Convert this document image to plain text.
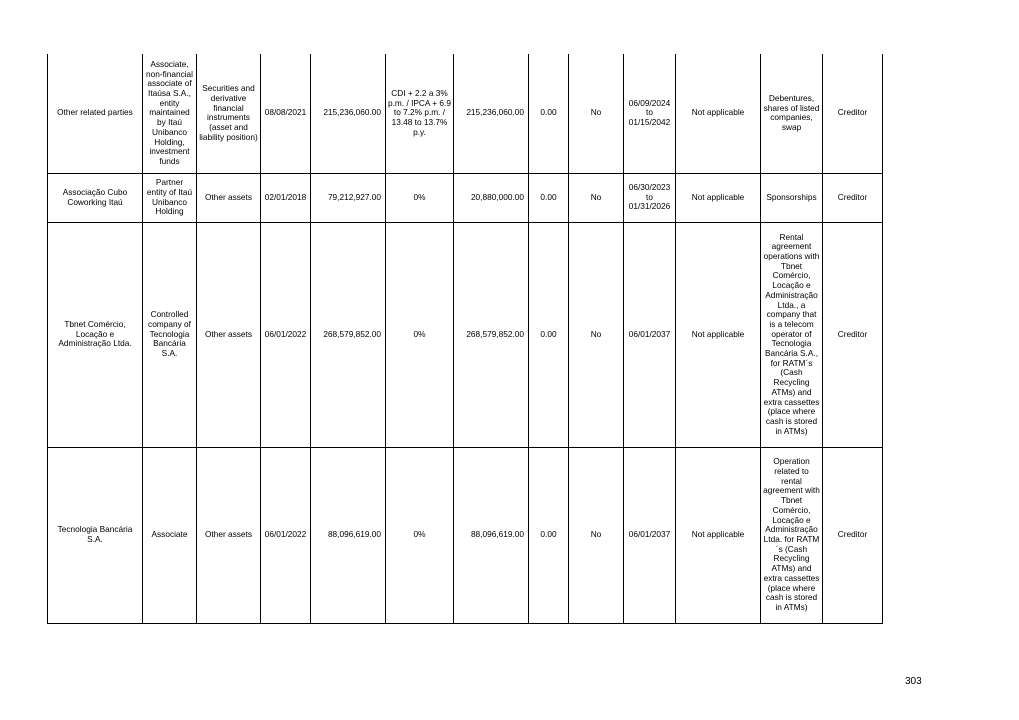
Other related parties	Associate, non-financial associate of Itaúsa S.A., entity maintained by Itaú Unibanco Holding, investment funds	Securities and derivative financial instruments (asset and liability position)	08/08/2021	215,236,060.00	CDI + 2.2 a 3% p.m. / IPCA + 6.9 to 7.2% p.m. / 13.48 to 13.7% p.y.	215,236,060.00	0.00	No	06/09/2024 to 01/15/2042	Not applicable	Debentures, shares of listed companies, swap	Creditor
Associação Cubo Coworking Itaú	Partner entity of Itaú Unibanco Holding	Other assets	02/01/2018	79,212,927.00	0%	20,880,000.00	0.00	No	06/30/2023 to 01/31/2026	Not applicable	Sponsorships	Creditor
Tbnet Comércio, Locação e Administração Ltda.	Controlled company of Tecnologia Bancária S.A.	Other assets	06/01/2022	268,579,852.00	0%	268,579,852.00	0.00	No	06/01/2037	Not applicable	Rental agreement operations with Tbnet Comércio, Locação e Administração Ltda., a company that is a telecom operator of Tecnologia Bancária S.A., for RATM´s (Cash Recycling ATMs) and extra cassettes (place where cash is stored in ATMs)	Creditor
Tecnologia Bancária S.A.	Associate	Other assets	06/01/2022	88,096,619.00	0%	88,096,619.00	0.00	No	06/01/2037	Not applicable	Operation related to rental agreement with Tbnet Comércio, Locação e Administração Ltda. for RATM´s (Cash Recycling ATMs) and extra cassettes (place where cash is stored in ATMs)	Creditor
303
